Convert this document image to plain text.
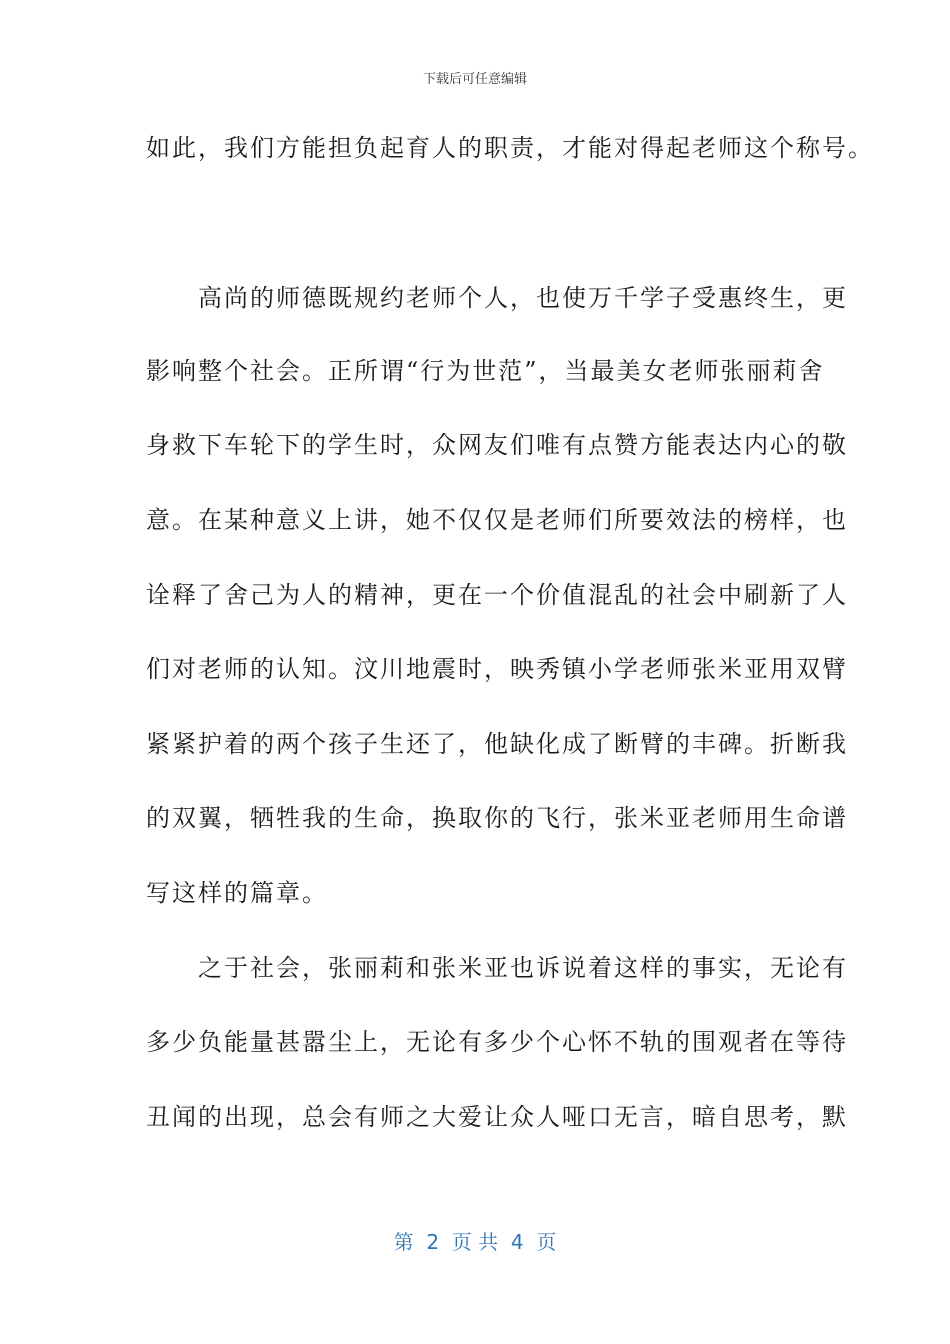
下载后可任意编辑
如此，我们方能担负起育人的职责，才能对得起老师这个称号。
　　高尚的师德既规约老师个人，也使万千学子受惠终生，更
影响整个社会。正所谓“行为世范”，当最美女老师张丽莉舍
身救下车轮下的学生时，众网友们唯有点赞方能表达内心的敬
意。在某种意义上讲，她不仅仅是老师们所要效法的榜样，也
诠释了舍己为人的精神，更在一个价值混乱的社会中刷新了人
们对老师的认知。汶川地震时，映秀镇小学老师张米亚用双臂
紧紧护着的两个孩子生还了，他缺化成了断臂的丰碑。折断我
的双翼，牺牲我的生命，换取你的飞行，张米亚老师用生命谱
写这样的篇章。
　　之于社会，张丽莉和张米亚也诉说着这样的事实，无论有
多少负能量甚嚣尘上，无论有多少个心怀不轨的围观者在等待
丑闻的出现，总会有师之大爱让众人哑口无言，暗自思考，默
第  2  页 共  4  页
